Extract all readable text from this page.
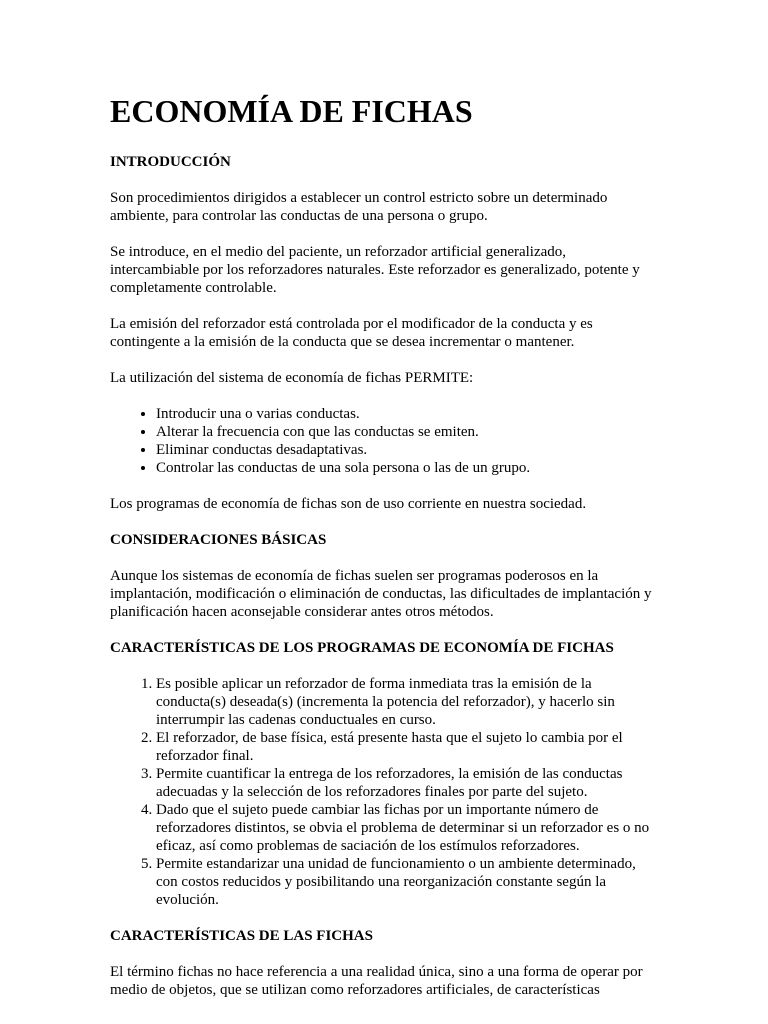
ECONOMÍA DE FICHAS
INTRODUCCIÓN

Son procedimientos dirigidos a establecer un control estricto sobre un determinado ambiente, para controlar las conductas de una persona o grupo.

Se introduce, en el medio del paciente, un reforzador artificial generalizado, intercambiable por los reforzadores naturales. Este reforzador es generalizado, potente y completamente controlable.

La emisión del reforzador está controlada por el modificador de la conducta y es contingente a la emisión de la conducta que se desea incrementar o mantener.

La utilización del sistema de economía de fichas PERMITE:

• Introducir una o varias conductas.
• Alterar la frecuencia con que las conductas se emiten.
• Eliminar conductas desadaptativas.
• Controlar las conductas de una sola persona o las de un grupo.

Los programas de economía de fichas son de uso corriente en nuestra sociedad.

CONSIDERACIONES BÁSICAS

Aunque los sistemas de economía de fichas suelen ser programas poderosos en la implantación, modificación o eliminación de conductas, las dificultades de implantación y planificación hacen aconsejable considerar antes otros métodos.

CARACTERÍSTICAS DE LOS PROGRAMAS DE ECONOMÍA DE FICHAS
1. Es posible aplicar un reforzador de forma inmediata tras la emisión de la conducta(s) deseada(s) (incrementa la potencia del reforzador), y hacerlo sin interrumpir las cadenas conductuales en curso.
2. El reforzador, de base física, está presente hasta que el sujeto lo cambia por el reforzador final.
3. Permite cuantificar la entrega de los reforzadores, la emisión de las conductas adecuadas y la selección de los reforzadores finales por parte del sujeto.
4. Dado que el sujeto puede cambiar las fichas por un importante número de reforzadores distintos, se obvia el problema de determinar si un reforzador es o no eficaz, así como problemas de saciación de los estímulos reforzadores.
5. Permite estandarizar una unidad de funcionamiento o un ambiente determinado, con costos reducidos y posibilitando una reorganización constante según la evolución.
CARACTERÍSTICAS DE LAS FICHAS

El término fichas no hace referencia a una realidad única, sino a una forma de operar por medio de objetos, que se utilizan como reforzadores artificiales, de características
